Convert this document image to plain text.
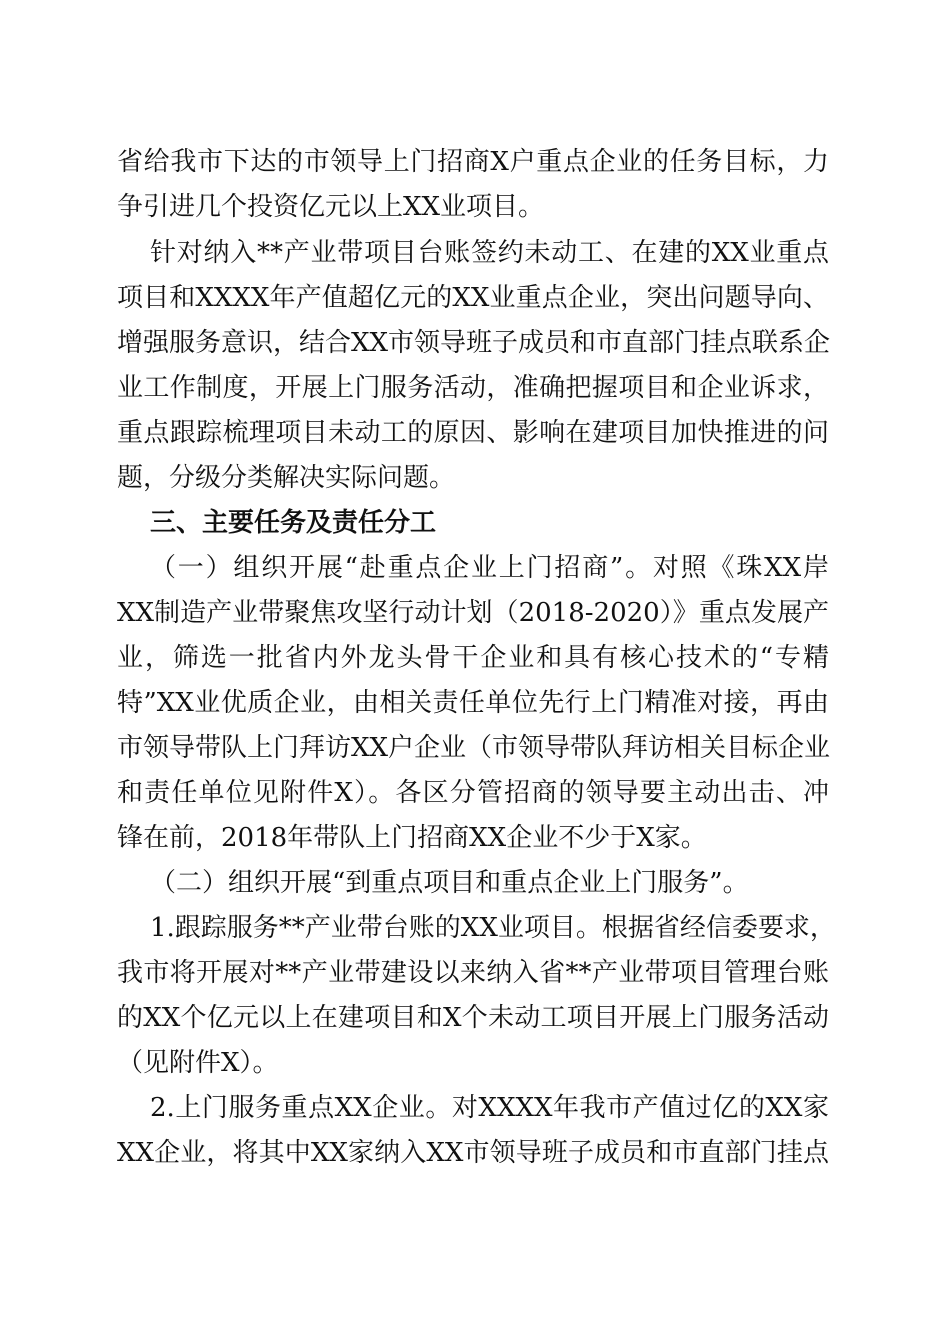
省给我市下达的市领导上门招商X户重点企业的任务目标，力
争引进几个投资亿元以上XX业项目。
针对纳入**产业带项目台账签约未动工、在建的XX业重点
项目和XXXX年产值超亿元的XX业重点企业，突出问题导向、
增强服务意识，结合XX市领导班子成员和市直部门挂点联系企
业工作制度，开展上门服务活动，准确把握项目和企业诉求，
重点跟踪梳理项目未动工的原因、影响在建项目加快推进的问
题，分级分类解决实际问题。
三、主要任务及责任分工
（一）组织开展“赴重点企业上门招商”。对照《珠XX岸
XX制造产业带聚焦攻坚行动计划（2018-2020）》重点发展产
业，筛选一批省内外龙头骨干企业和具有核心技术的“专精
特”XX业优质企业，由相关责任单位先行上门精准对接，再由
市领导带队上门拜访XX户企业（市领导带队拜访相关目标企业
和责任单位见附件X）。各区分管招商的领导要主动出击、冲
锋在前，2018年带队上门招商XX企业不少于X家。
（二）组织开展“到重点项目和重点企业上门服务”。
1.跟踪服务**产业带台账的XX业项目。根据省经信委要求，
我市将开展对**产业带建设以来纳入省**产业带项目管理台账
的XX个亿元以上在建项目和X个未动工项目开展上门服务活动
（见附件X）。
2.上门服务重点XX企业。对XXXX年我市产值过亿的XX家
XX企业，将其中XX家纳入XX市领导班子成员和市直部门挂点
